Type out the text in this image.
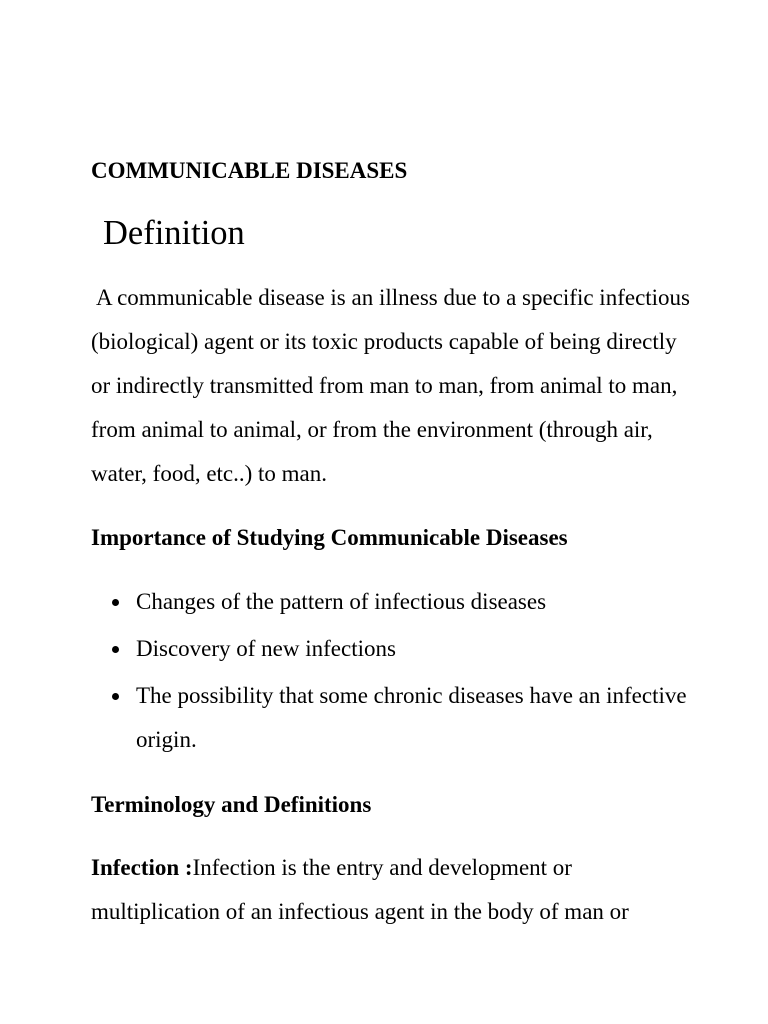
COMMUNICABLE DISEASES
Definition

A communicable disease is an illness due to a specific infectious (biological) agent or its toxic products capable of being directly or indirectly transmitted from man to man, from animal to man, from animal to animal, or from the environment (through air, water, food, etc..) to man.

Importance of Studying Communicable Diseases
Changes of the pattern of infectious diseases
Discovery of new infections
The possibility that some chronic diseases have an infective origin.
Terminology and Definitions

Infection :Infection is the entry and development or multiplication of an infectious agent in the body of man or
